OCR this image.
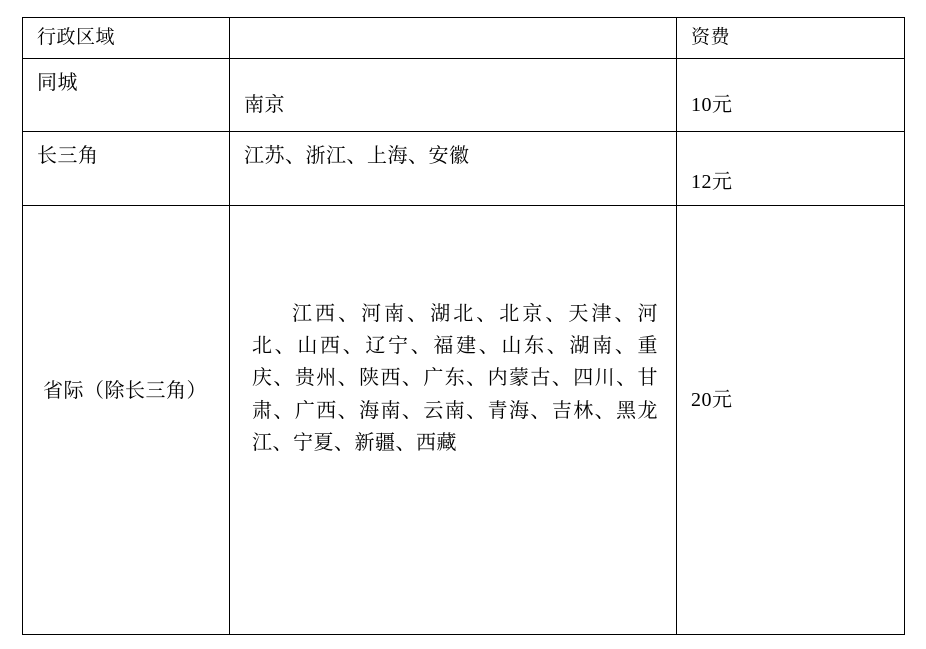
行政区域		资费

同城	南京	10元

长三角	江苏、浙江、上海、安徽	12元

省际（除长三角）	江西、河南、湖北、北京、天津、河北、山西、辽宁、福建、山东、湖南、重庆、贵州、陕西、广东、内蒙古、四川、甘肃、广西、海南、云南、青海、吉林、黑龙江、宁夏、新疆、西藏	20元
